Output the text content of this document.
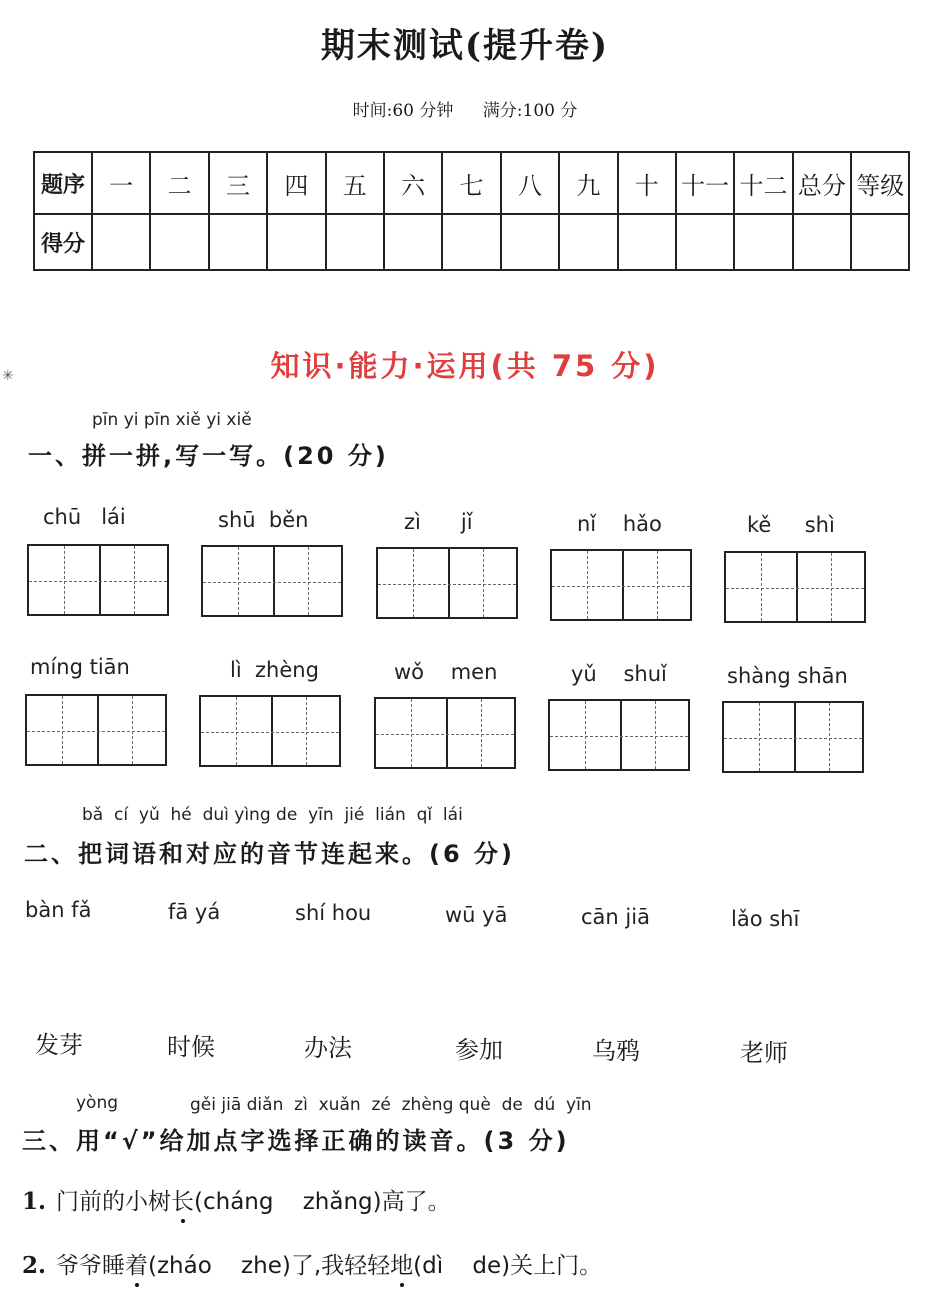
期末测试(提升卷)
时间:60 分钟 满分:100 分
题序	一	二	三	四	五	六	七	八	九	十	十一	十二	总分	等级
得分														
✳	知识·能力·运用(共 75 分)
pīn yi pīn xiě yi xiě
一、拼一拼,写一写。(20 分)
chū   lái	shū  běn	zì      jǐ	nǐ    hǎo	kě     shì
míng tiān	lì  zhèng	wǒ    men	yǔ    shuǐ	shàng shān
bǎ  cí  yǔ  hé  duì yìng de  yīn  jié  lián  qǐ  lái
二、把词语和对应的音节连起来。(6 分)
bàn fǎ	fā yá	shí hou	wū yā	cān jiā	lǎo shī
发芽	时候	办法	参加	乌鸦	老师
yòng	gěi jiā diǎn  zì  xuǎn  zé  zhèng què  de  dú  yīn
三、用“√”给加点字选择正确的读音。(3 分)
1. 门前的小树长(cháng    zhǎng)高了。
2. 爷爷睡着(zháo    zhe)了,我轻轻地(dì    de)关上门。
